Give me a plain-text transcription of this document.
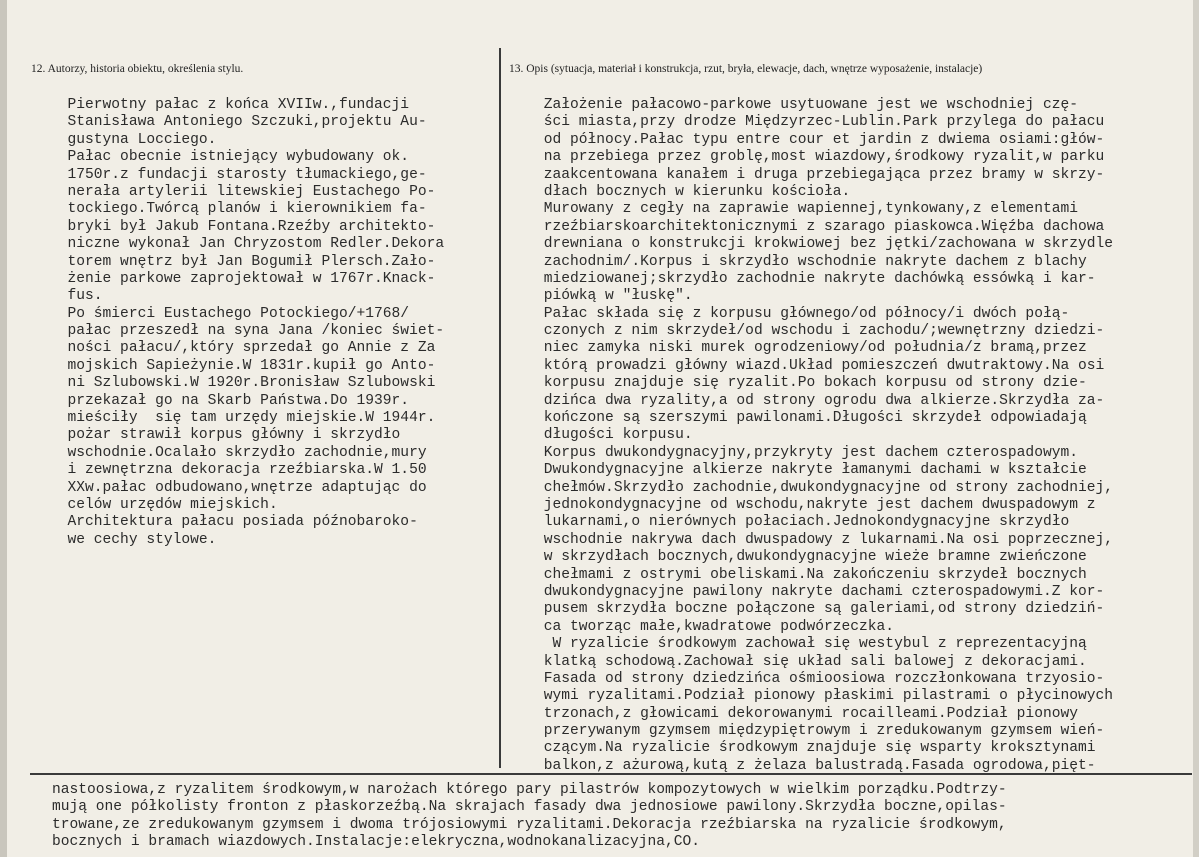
12. Autorzy, historia obiektu, określenia stylu.	13. Opis (sytuacja, materiał i konstrukcja, rzut, bryła, elewacje, dach, wnętrze wyposażenie, instalacje)
Pierwotny pałac z końca XVIIw.,fundacji
Stanisława Antoniego Szczuki,projektu Au-
gustyna Locciego.
Pałac obecnie istniejący wybudowany ok.
1750r.z fundacji starosty tłumackiego,ge-
nerała artylerii litewskiej Eustachego Po-
tockiego.Twórcą planów i kierownikiem fa-
bryki był Jakub Fontana.Rzeźby architekto-
niczne wykonał Jan Chryzostom Redler.Dekora
torem wnętrz był Jan Bogumił Plersch.Zało-
żenie parkowe zaprojektował w 1767r.Knack-
fus.
Po śmierci Eustachego Potockiego/+1768/
pałac przeszedł na syna Jana /koniec świet-
ności pałacu/,który sprzedał go Annie z Za
mojskich Sapieżynie.W 1831r.kupił go Anto-
ni Szlubowski.W 1920r.Bronisław Szlubowski
przekazał go na Skarb Państwa.Do 1939r.
mieściły  się tam urzędy miejskie.W 1944r.
pożar strawił korpus główny i skrzydło
wschodnie.Ocalało skrzydło zachodnie,mury
i zewnętrzna dekoracja rzeźbiarska.W 1.50
XXw.pałac odbudowano,wnętrze adaptując do
celów urzędów miejskich.
Architektura pałacu posiada późnobaroko-
we cechy stylowe.
Założenie pałacowo-parkowe usytuowane jest we wschodniej czę-
ści miasta,przy drodze Międzyrzec-Lublin.Park przylega do pałacu
od północy.Pałac typu entre cour et jardin z dwiema osiami:głów-
na przebiega przez groblę,most wiazdowy,środkowy ryzalit,w parku
zaakcentowana kanałem i druga przebiegająca przez bramy w skrzy-
dłach bocznych w kierunku kościoła.
Murowany z cegły na zaprawie wapiennej,tynkowany,z elementami
rzeźbiarskoarchitektonicznymi z szarago piaskowca.Więźba dachowa
drewniana o konstrukcji krokwiowej bez jętki/zachowana w skrzydle
zachodnim/.Korpus i skrzydło wschodnie nakryte dachem z blachy
miedziowanej;skrzydło zachodnie nakryte dachówką essówką i kar-
piówką w "łuskę".
Pałac składa się z korpusu głównego/od północy/i dwóch połą-
czonych z nim skrzydeł/od wschodu i zachodu/;wewnętrzny dziedzi-
niec zamyka niski murek ogrodzeniowy/od południa/z bramą,przez
którą prowadzi główny wiazd.Układ pomieszczeń dwutraktowy.Na osi
korpusu znajduje się ryzalit.Po bokach korpusu od strony dzie-
dzińca dwa ryzality,a od strony ogrodu dwa alkierze.Skrzydła za-
kończone są szerszymi pawilonami.Długości skrzydeł odpowiadają
długości korpusu.
Korpus dwukondygnacyjny,przykryty jest dachem czterospadowym.
Dwukondygnacyjne alkierze nakryte łamanymi dachami w kształcie
chełmów.Skrzydło zachodnie,dwukondygnacyjne od strony zachodniej,
jednokondygnacyjne od wschodu,nakryte jest dachem dwuspadowym z
lukarnami,o nierównych połaciach.Jednokondygnacyjne skrzydło
wschodnie nakrywa dach dwuspadowy z lukarnami.Na osi poprzecznej,
w skrzydłach bocznych,dwukondygnacyjne wieże bramne zwieńczone
chełmami z ostrymi obeliskami.Na zakończeniu skrzydeł bocznych
dwukondygnacyjne pawilony nakryte dachami czterospadowymi.Z kor-
pusem skrzydła boczne połączone są galeriami,od strony dziedziń-
ca tworząc małe,kwadratowe podwórzeczka.
W ryzalicie środkowym zachował się westybul z reprezentacyjną
klatką schodową.Zachował się układ sali balowej z dekoracjami.
Fasada od strony dziedzińca ośmioosiowa rozczłonkowana trzyosio-
wymi ryzalitami.Podział pionowy płaskimi pilastrami o płycinowych
trzonach,z głowicami dekorowanymi rocailleami.Podział pionowy
przerywanym gzymsem międzypiętrowym i zredukowanym gzymsem wień-
czącym.Na ryzalicie środkowym znajduje się wsparty kroksztynami
balkon,z ażurową,kutą z żelaza balustradą.Fasada ogrodowa,pięt-
nastoosiowa,z ryzalitem środkowym,w narożach którego pary pilastrów kompozytowych w wielkim porządku.Podtrzy-
mują one półkolisty fronton z płaskorzeźbą.Na skrajach fasady dwa jednosiowe pawilony.Skrzydła boczne,opilas-
trowane,ze zredukowanym gzymsem i dwoma trójosiowymi ryzalitami.Dekoracja rzeźbiarska na ryzalicie środkowym,
bocznych i bramach wiazdowych.Instalacje:elekryczna,wodnokanalizacyjna,CO.
